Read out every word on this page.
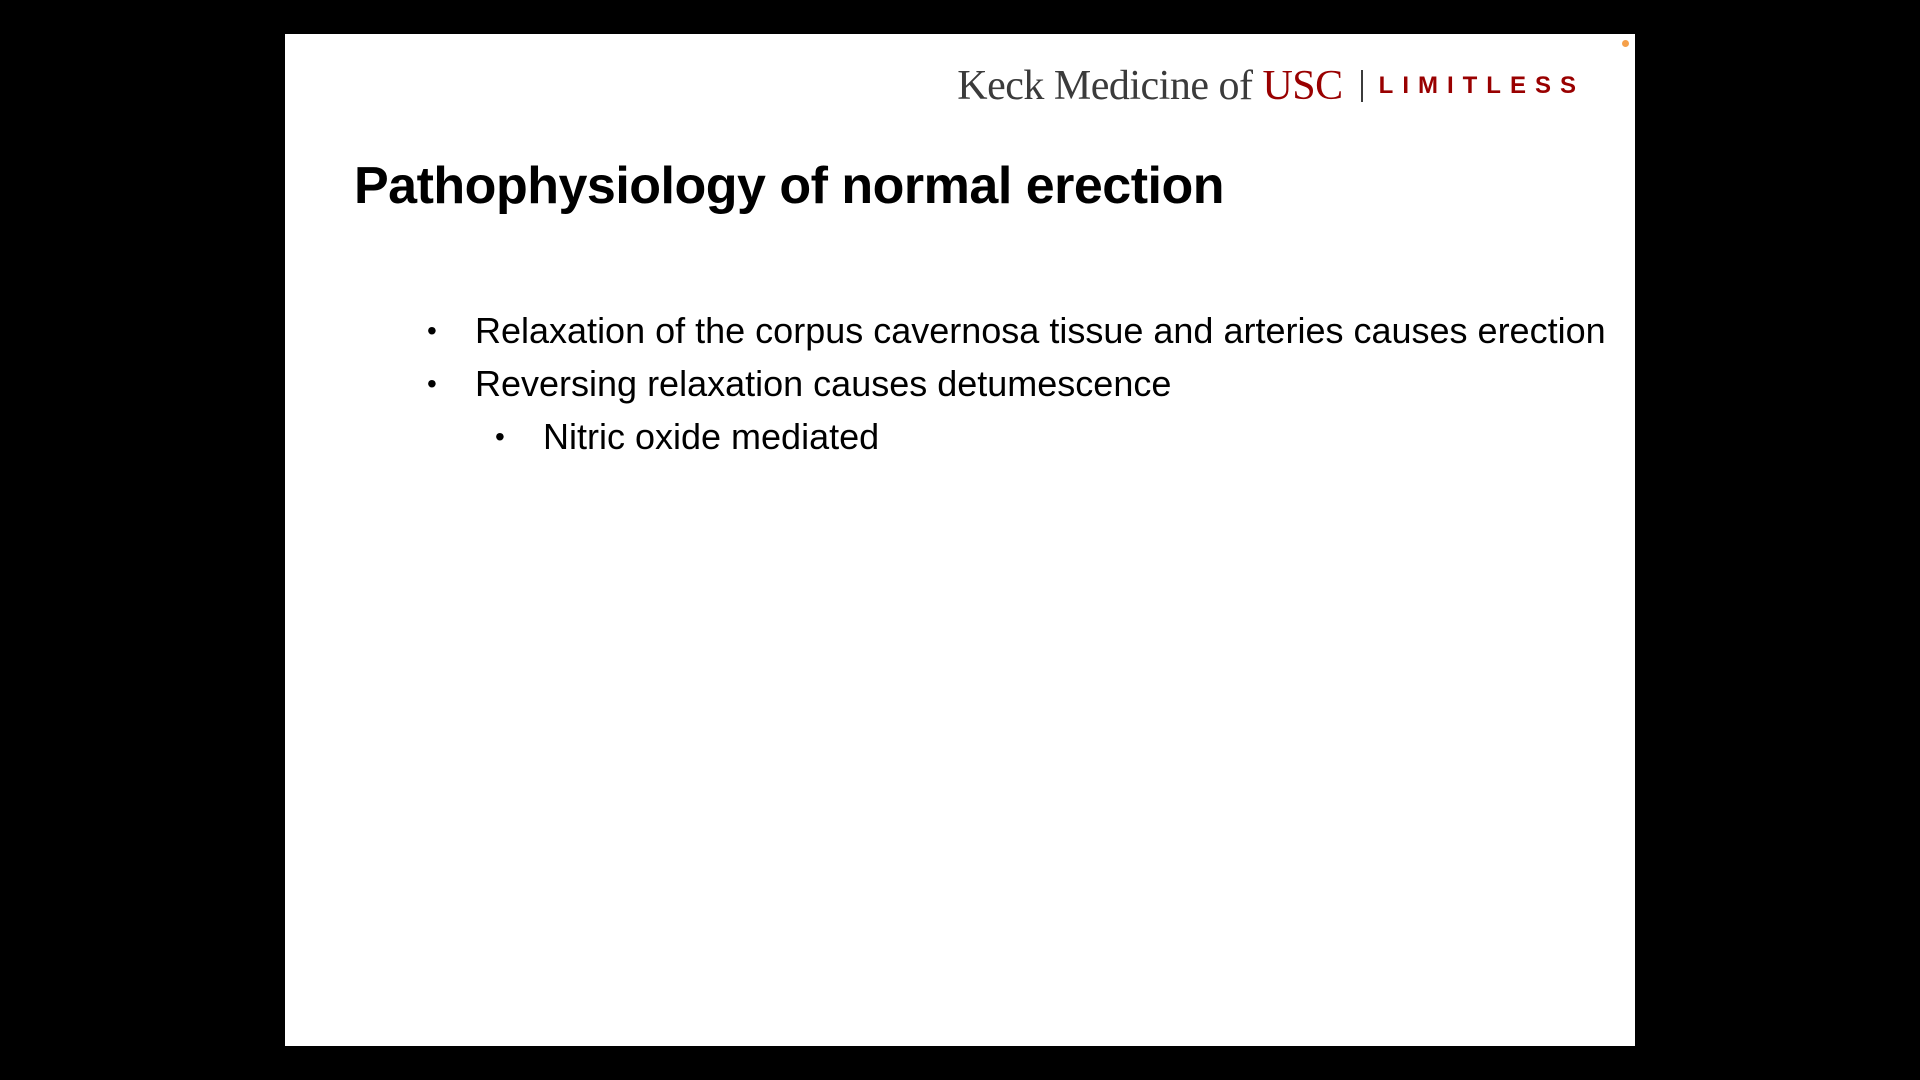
Keck Medicine of USC LIMITLESS
Pathophysiology of normal erection
•	Relaxation of the corpus cavernosa tissue and arteries causes erection
•	Reversing relaxation causes detumescence
•	Nitric oxide mediated
